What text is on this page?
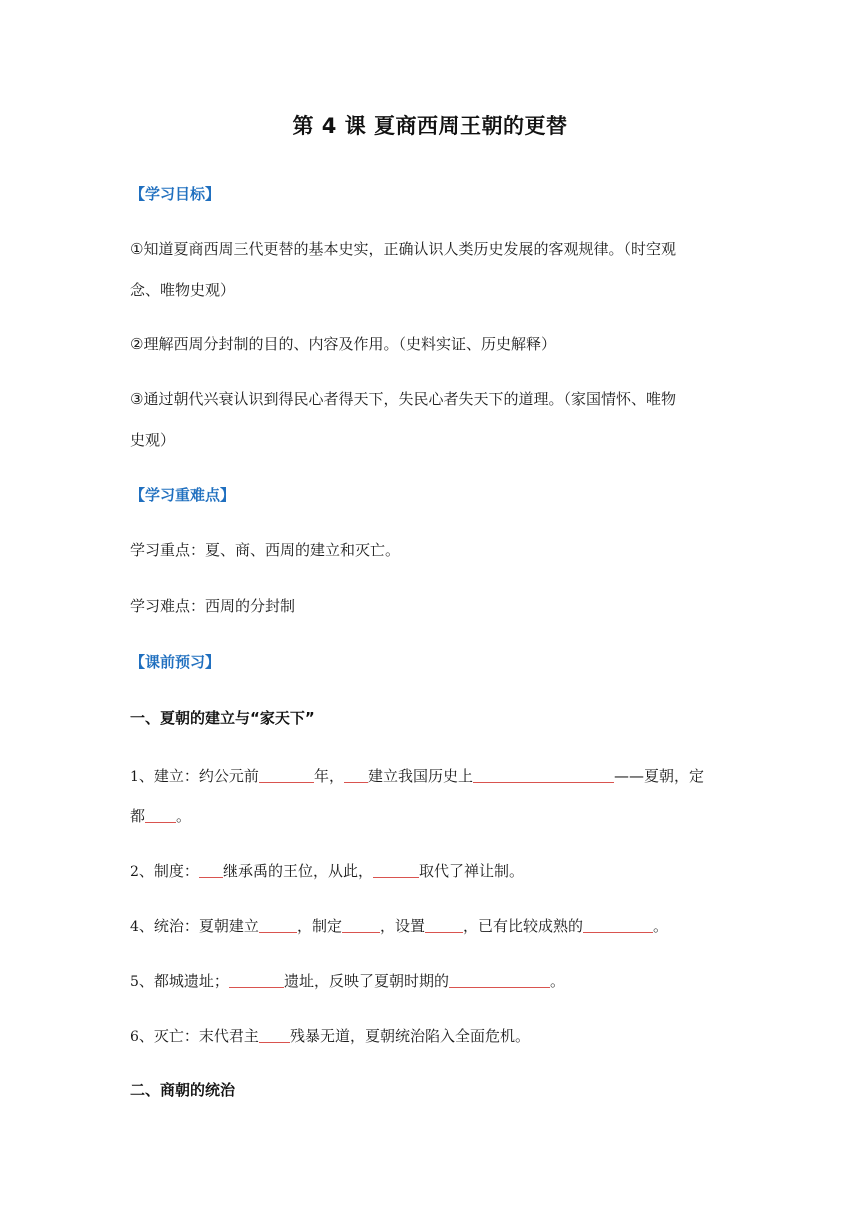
第 4 课 夏商西周王朝的更替
【学习目标】
①知道夏商西周三代更替的基本史实，正确认识人类历史发展的客观规律。（时空观
念、唯物史观）
②理解西周分封制的目的、内容及作用。（史料实证、历史解释）
③通过朝代兴衰认识到得民心者得天下，失民心者失天下的道理。（家国情怀、唯物
史观）
【学习重难点】
学习重点：夏、商、西周的建立和灭亡。
学习难点：西周的分封制
【课前预习】
一、夏朝的建立与“家天下”
1、建立：约公元前	年， 建立我国历史上	——夏朝，定
都 。
2、制度： 继承禹的王位，从此，	取代了禅让制。
4、统治：夏朝建立	，制定	，设置	，已有比较成熟的	。
5、都城遗址；	遗址，反映了夏朝时期的	。
6、灭亡：末代君主 残暴无道，夏朝统治陷入全面危机。
二、商朝的统治
